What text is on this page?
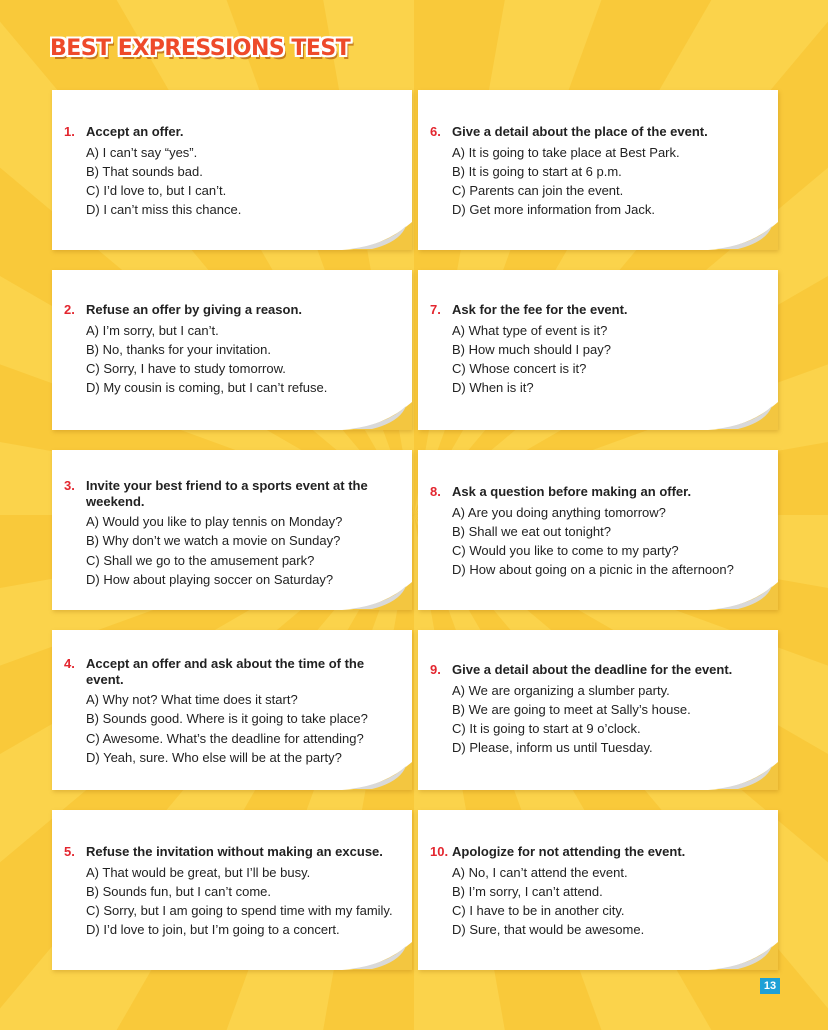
BEST EXPRESSIONS TEST
1. Accept an offer.
A) I can’t say “yes”.
B) That sounds bad.
C) I’d love to, but I can’t.
D) I can’t miss this chance.
2. Refuse an offer by giving a reason.
A) I’m sorry, but I can’t.
B) No, thanks for your invitation.
C) Sorry, I have to study tomorrow.
D) My cousin is coming, but I can’t refuse.
3. Invite your best friend to a sports event at the weekend.
A) Would you like to play tennis on Monday?
B) Why don’t we watch a movie on Sunday?
C) Shall we go to the amusement park?
D) How about playing soccer on Saturday?
4. Accept an offer and ask about the time of the event.
A) Why not? What time does it start?
B) Sounds good. Where is it going to take place?
C) Awesome. What’s the deadline for attending?
D) Yeah, sure. Who else will be at the party?
5. Refuse the invitation without making an excuse.
A) That would be great, but I’ll be busy.
B) Sounds fun, but I can’t come.
C) Sorry, but I am going to spend time with my family.
D) I’d love to join, but I’m going to a concert.
6. Give a detail about the place of the event.
A) It is going to take place at Best Park.
B) It is going to start at 6 p.m.
C) Parents can join the event.
D) Get more information from Jack.
7. Ask for the fee for the event.
A) What type of event is it?
B) How much should I pay?
C) Whose concert is it?
D) When is it?
8. Ask a question before making an offer.
A) Are you doing anything tomorrow?
B) Shall we eat out tonight?
C) Would you like to come to my party?
D) How about going on a picnic in the afternoon?
9. Give a detail about the deadline for the event.
A) We are organizing a slumber party.
B) We are going to meet at Sally’s house.
C) It is going to start at 9 o’clock.
D) Please, inform us until Tuesday.
10. Apologize for not attending the event.
A) No, I can’t attend the event.
B) I’m sorry, I can’t attend.
C) I have to be in another city.
D) Sure, that would be awesome.
13
